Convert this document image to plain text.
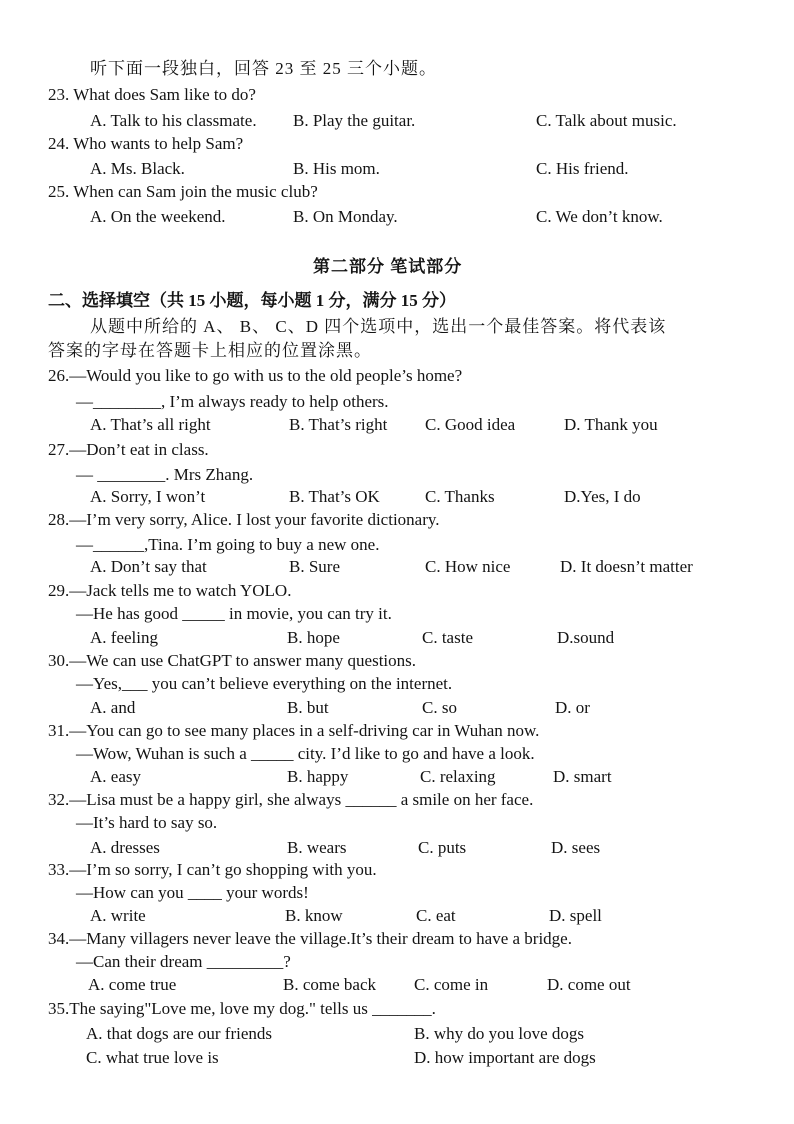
听下面一段独白，回答 23 至 25 三个小题。
23. What does Sam like to do?
A. Talk to his classmate. B. Play the guitar.	C. Talk about music.
24. Who wants to help Sam?
A. Ms. Black.	B. His mom.	C. His friend.
25. When can Sam join the music club?
A. On the weekend.	B. On Monday.	C. We don’t know.
第二部分 笔试部分
二、选择填空（共 15 小题，每小题 1 分，满分 15 分）
从题中所给的 A、 B、 C、D 四个选项中，选出一个最佳答案。将代表该
答案的字母在答题卡上相应的位置涂黑。
26.—Would you like to go with us to the old people’s home?
—________, I’m always ready to help others.
A. That’s all right	B. That’s right C. Good idea	D. Thank you
27.—Don’t eat in class.
— ________. Mrs Zhang.
A. Sorry, I won’t	B. That’s OK	C. Thanks	D.Yes, I do
28.—I’m very sorry, Alice. I lost your favorite dictionary.
—______,Tina. I’m going to buy a new one.
A. Don’t say that	B. Sure	C. How nice	D. It doesn’t matter
29.—Jack tells me to watch YOLO.
—He has good _____ in movie, you can try it.
A. feeling	B. hope	C. taste	D.sound
30.—We can use ChatGPT to answer many questions.
—Yes,___ you can’t believe everything on the internet.
A. and	B. but	C. so	D. or
31.—You can go to see many places in a self-driving car in Wuhan now.
—Wow, Wuhan is such a _____ city. I’d like to go and have a look.
A. easy	B. happy	C. relaxing	D. smart
32.—Lisa must be a happy girl, she always ______ a smile on her face.
—It’s hard to say so.
A. dresses	B. wears	C. puts	D. sees
33.—I’m so sorry, I can’t go shopping with you.
—How can you ____ your words!
A. write	B. know	C. eat	D. spell
34.—Many villagers never leave the village.It’s their dream to have a bridge.
—Can their dream _________?
A. come true	B. come back C. come in	D. come out
35.The saying"Love me, love my dog." tells us _______.
A. that dogs are our friends	B. why do you love dogs
C. what true love is	D. how important are dogs
